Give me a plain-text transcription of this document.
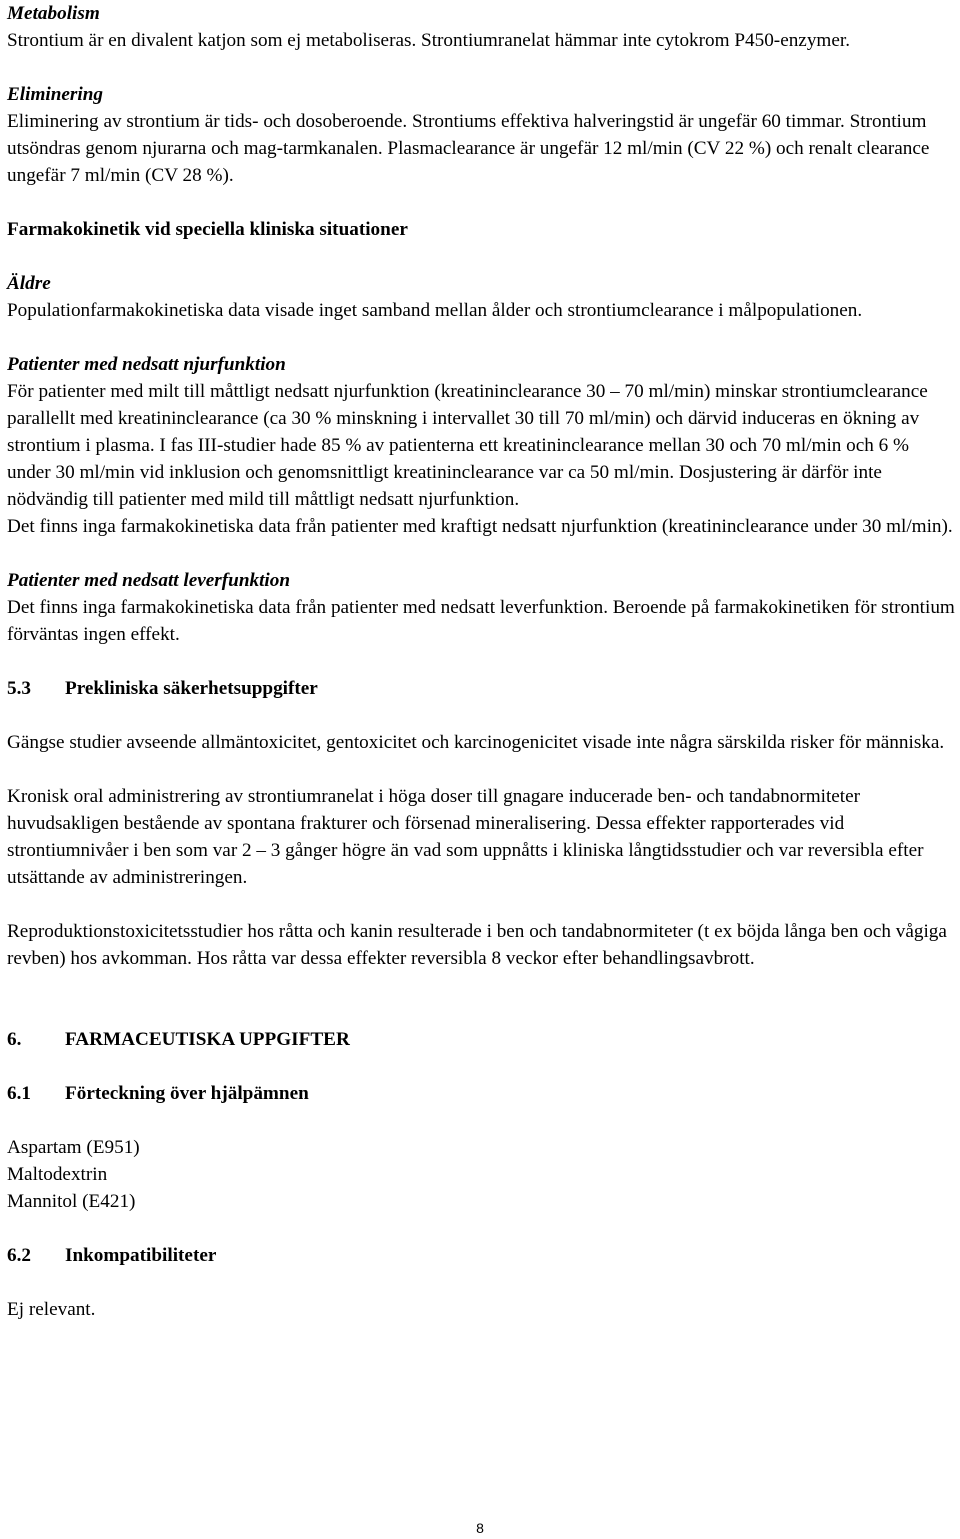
Metabolism

Strontium är en divalent katjon som ej metaboliseras. Strontiumranelat hämmar inte cytokrom P450-enzymer.

Eliminering

Eliminering av strontium är tids- och dosoberoende. Strontiums effektiva halveringstid är ungefär 60 timmar. Strontium utsöndras genom njurarna och mag-tarmkanalen. Plasmaclearance är ungefär 12 ml/min (CV 22 %) och renalt clearance ungefär 7 ml/min (CV 28 %).

Farmakokinetik vid speciella kliniska situationer

Äldre

Populationfarmakokinetiska data visade inget samband mellan ålder och strontiumclearance i målpopulationen.

Patienter med nedsatt njurfunktion

För patienter med milt till måttligt nedsatt njurfunktion (kreatininclearance 30 – 70 ml/min) minskar strontiumclearance parallellt med kreatininclearance (ca 30 % minskning i intervallet 30 till 70 ml/min) och därvid induceras en ökning av strontium i plasma. I fas III-studier hade 85 % av patienterna ett kreatininclearance mellan 30 och 70 ml/min och 6 % under 30 ml/min vid inklusion och genomsnittligt kreatininclearance var ca 50 ml/min. Dosjustering är därför inte nödvändig till patienter med mild till måttligt nedsatt njurfunktion.

Det finns inga farmakokinetiska data från patienter med kraftigt nedsatt njurfunktion (kreatininclearance under 30 ml/min).

Patienter med nedsatt leverfunktion

Det finns inga farmakokinetiska data från patienter med nedsatt leverfunktion. Beroende på farmakokinetiken för strontium förväntas ingen effekt.

5.3 Prekliniska säkerhetsuppgifter

Gängse studier avseende allmäntoxicitet, gentoxicitet och karcinogenicitet visade inte några särskilda risker för människa.

Kronisk oral administrering av strontiumranelat i höga doser till gnagare inducerade ben- och tandabnormiteter huvudsakligen bestående av spontana frakturer och försenad mineralisering. Dessa effekter rapporterades vid strontiumnivåer i ben som var 2 – 3 gånger högre än vad som uppnåtts i kliniska långtidsstudier och var reversibla efter utsättande av administreringen.

Reproduktionstoxicitetsstudier hos råtta och kanin resulterade i ben och tandabnormiteter (t ex böjda långa ben och vågiga revben) hos avkomman. Hos råtta var dessa effekter reversibla 8 veckor efter behandlingsavbrott.

6. FARMACEUTISKA UPPGIFTER

6.1 Förteckning över hjälpämnen

Aspartam (E951)

Maltodextrin

Mannitol (E421)

6.2 Inkompatibiliteter

Ej relevant.

8
